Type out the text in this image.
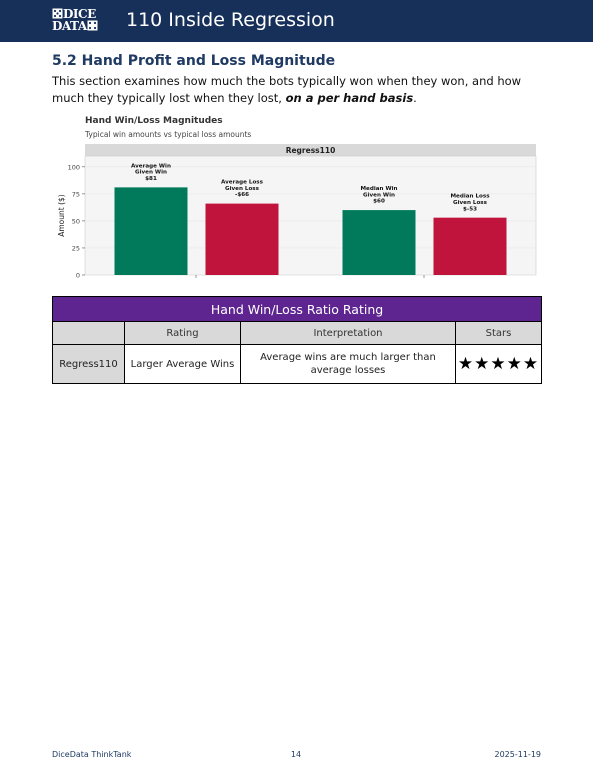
DICE
DATA	110 Inside Regression
5.2 Hand Profit and Loss Magnitude

This section examines how much the bots typically won when they won, and how much they typically lost when they lost, on a per hand basis.

Hand Win/Loss Magnitudes
Typical win amounts vs typical loss amounts
Regress110
0
25
50
75
100
Amount ($)
Average Win Given Win $81
Average Loss Given Loss -$66
Median Win Given Win $60
Median Loss Given Loss $-53
Hand Win/Loss Ratio Rating			
	Rating	Interpretation	Stars
Regress110	Larger Average Wins	Average wins are much larger than average losses	★★★★★
DiceData ThinkTank	14	2025-11-19
